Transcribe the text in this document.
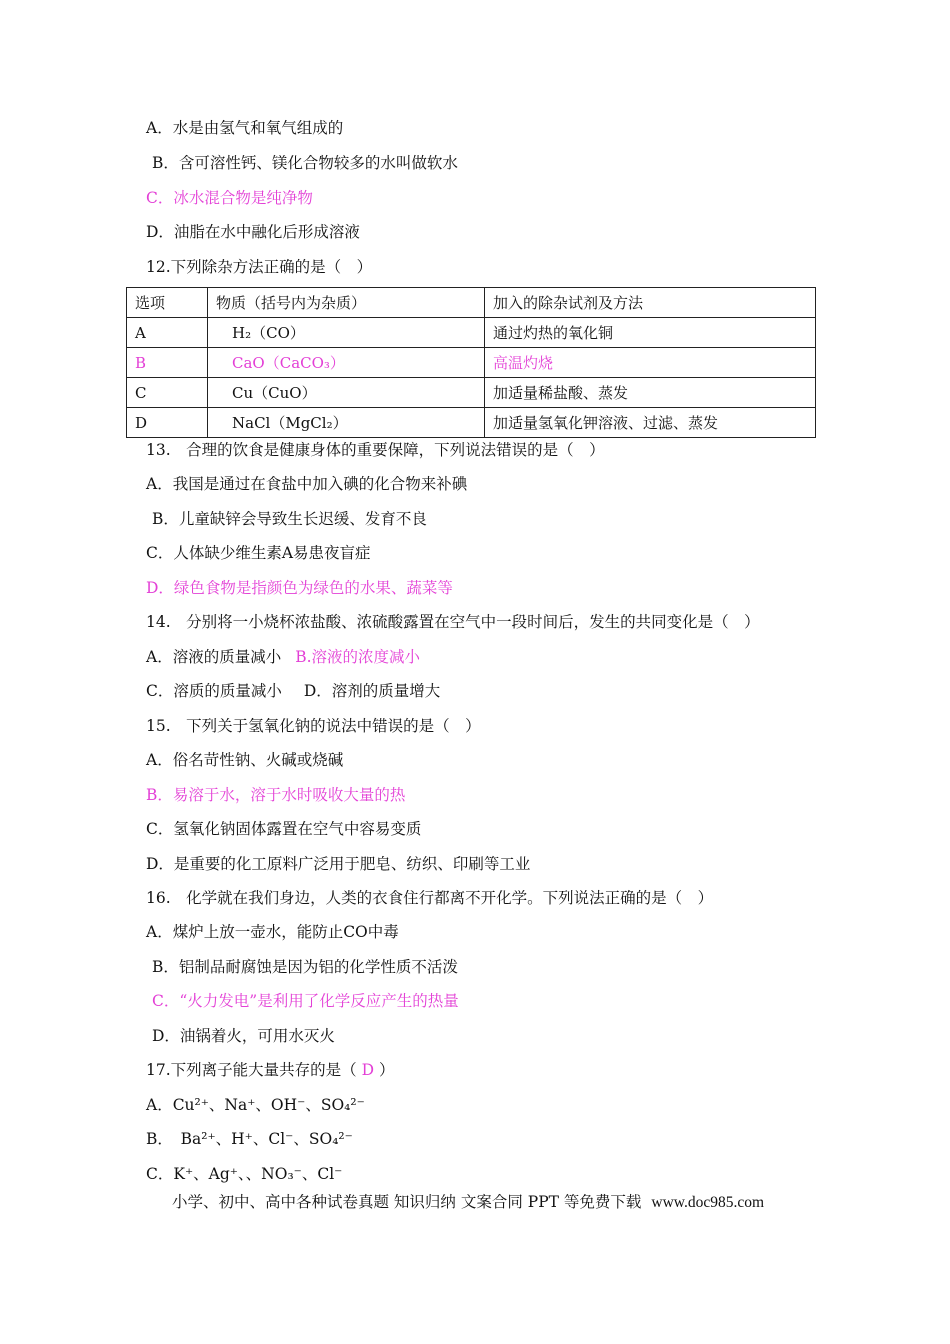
A．水是由氢气和氧气组成的
B．含可溶性钙、镁化合物较多的水叫做软水
C．冰水混合物是纯净物
D．油脂在水中融化后形成溶液
12.下列除杂方法正确的是（　）
选项	物质（括号内为杂质）	加入的除杂试剂及方法
A	H₂（CO）	通过灼热的氧化铜
B	CaO（CaCO₃）	高温灼烧
C	Cu（CuO）	加适量稀盐酸、蒸发
D	NaCl（MgCl₂）	加适量氢氧化钾溶液、过滤、蒸发
13.　合理的饮食是健康身体的重要保障，下列说法错误的是（　）
A．我国是通过在食盐中加入碘的化合物来补碘
B．儿童缺锌会导致生长迟缓、发育不良
C．人体缺少维生素A易患夜盲症
D．绿色食物是指颜色为绿色的水果、蔬菜等
14.　分别将一小烧杯浓盐酸、浓硫酸露置在空气中一段时间后，发生的共同变化是（　）
A．溶液的质量减小 B.溶液的浓度减小
C．溶质的质量减小 D．溶剂的质量增大
15.　下列关于氢氧化钠的说法中错误的是（　）
A．俗名苛性钠、火碱或烧碱
B．易溶于水，溶于水时吸收大量的热
C．氢氧化钠固体露置在空气中容易变质
D．是重要的化工原料广泛用于肥皂、纺织、印刷等工业
16.　化学就在我们身边，人类的衣食住行都离不开化学。下列说法正确的是（　）
A．煤炉上放一壶水，能防止CO中毒
B．铝制品耐腐蚀是因为铝的化学性质不活泼
C．“火力发电”是利用了化学反应产生的热量
D．油锅着火，可用水灭火
17.下列离子能大量共存的是（ D ）
A．Cu²⁺、Na⁺、OH⁻、SO₄²⁻
B．　Ba²⁺、H⁺、Cl⁻、SO₄²⁻
C．K⁺、Ag⁺、、NO₃⁻、Cl⁻
小学、初中、高中各种试卷真题 知识归纳 文案合同 PPT 等免费下载 www.doc985.com
